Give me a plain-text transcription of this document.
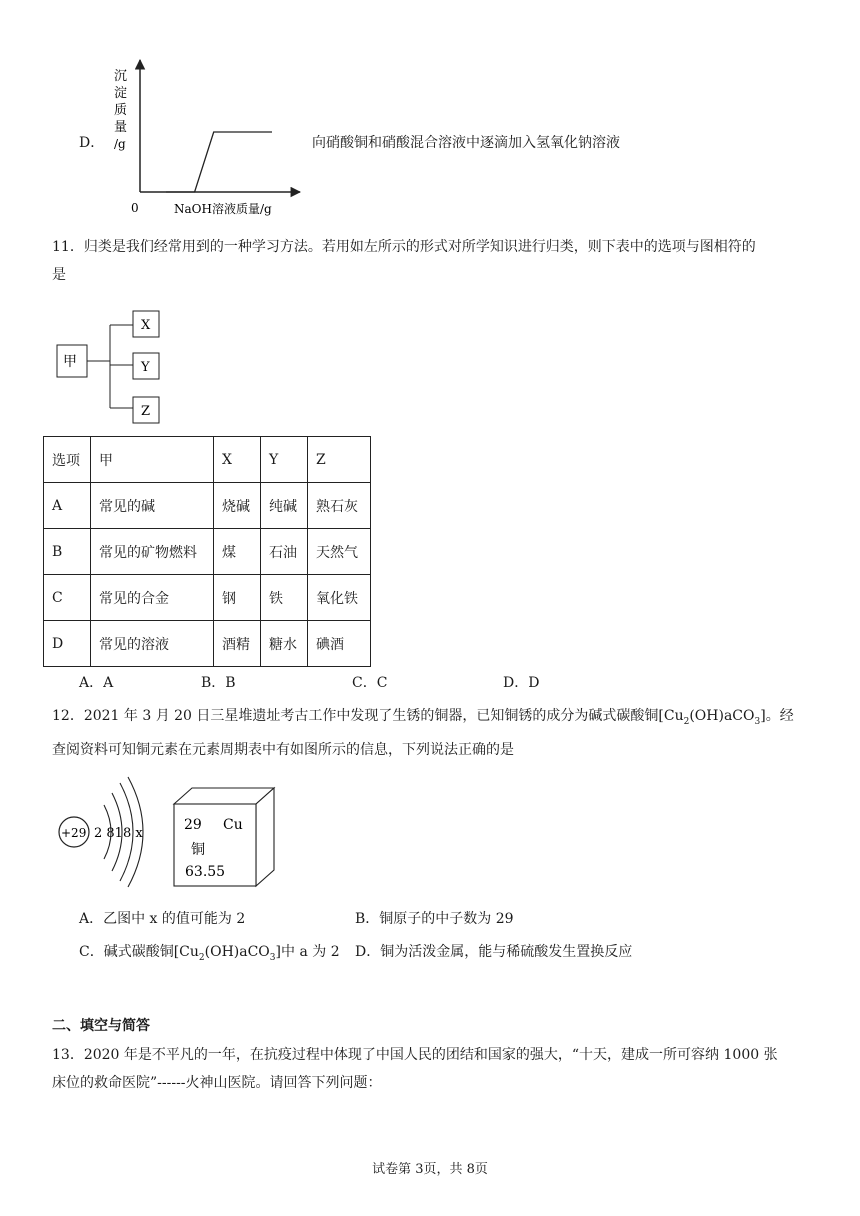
D．
沉
淀
质
量
/g
0	NaOH溶液质量/g
向硝酸铜和硝酸混合溶液中逐滴加入氢氧化钠溶液
11．归类是我们经常用到的一种学习方法。若用如左所示的形式对所学知识进行归类，则下表中的选项与图相符的
是
甲
X
Y
Z
选项	甲	X	Y	Z
A	常见的碱	烧碱	纯碱	熟石灰
B	常见的矿物燃料	煤	石油	天然气
C	常见的合金	钢	铁	氧化铁
D	常见的溶液	酒精	糖水	碘酒
A．A	B．B	C．C	D．D
12．2021 年 3 月 20 日三星堆遗址考古工作中发现了生锈的铜器，已知铜锈的成分为碱式碳酸铜$[Cu_2(OH)aCO_3]$。经
查阅资料可知铜元素在元素周期表中有如图所示的信息，下列说法正确的是
+29 2 818 x
29 Cu
铜
63.55
A．乙图中 x 的值可能为 2	B．铜原子的中子数为 29
C．碱式碳酸铜$[Cu_2(OH)aCO_3]$中 a 为 2 D．铜为活泼金属，能与稀硫酸发生置换反应
二、填空与简答
13．2020 年是不平凡的一年，在抗疫过程中体现了中国人民的团结和国家的强大，“十天，建成一所可容纳 1000 张
床位的救命医院”------火神山医院。请回答下列问题：
试卷第 3页，共 8页
